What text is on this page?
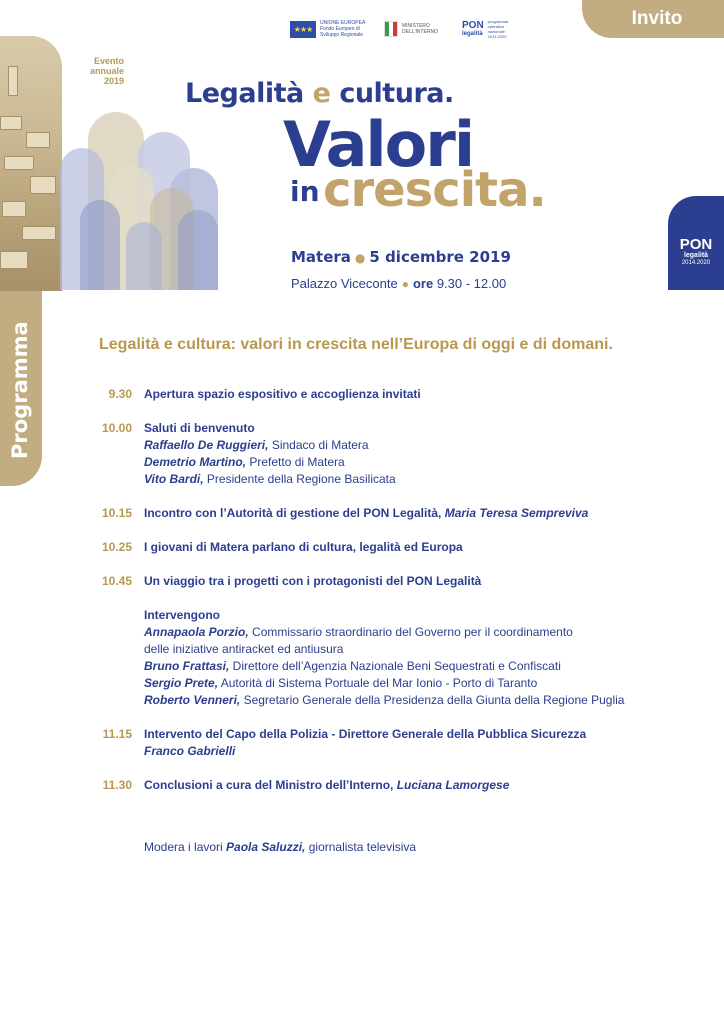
Invito
★★★
UNIONE EUROPEA Fondo Europeo di Sviluppo Regionale
MINISTERO DELL'INTERNO
PON
legalità
programma operativo nazionale 2014.2020
Evento annuale 2019 Legalità e cultura.
Valori
in crescita.
Matera ● 5 dicembre 2019
Palazzo Viceconte ● ore 9.30 - 12.00
PON
legalità
2014.2020
Programma	Legalità e cultura: valori in crescita nell’Europa di oggi e di domani.
9.30 Apertura spazio espositivo e accoglienza invitati
10.00 Saluti di benvenuto
Raffaello De Ruggieri, Sindaco di Matera
Demetrio Martino, Prefetto di Matera
Vito Bardi, Presidente della Regione Basilicata
10.15 Incontro con l’Autorità di gestione del PON Legalità, Maria Teresa Sempreviva
10.25 I giovani di Matera parlano di cultura, legalità ed Europa
10.45 Un viaggio tra i progetti con i protagonisti del PON Legalità
Intervengono
Annapaola Porzio, Commissario straordinario del Governo per il coordinamento
delle iniziative antiracket ed antiusura
Bruno Frattasi, Direttore dell’Agenzia Nazionale Beni Sequestrati e Confiscati
Sergio Prete, Autorità di Sistema Portuale del Mar Ionio - Porto di Taranto
Roberto Venneri, Segretario Generale della Presidenza della Giunta della Regione Puglia
11.15 Intervento del Capo della Polizia - Direttore Generale della Pubblica Sicurezza
Franco Gabrielli
11.30 Conclusioni a cura del Ministro dell’Interno, Luciana Lamorgese
Modera i lavori Paola Saluzzi, giornalista televisiva
